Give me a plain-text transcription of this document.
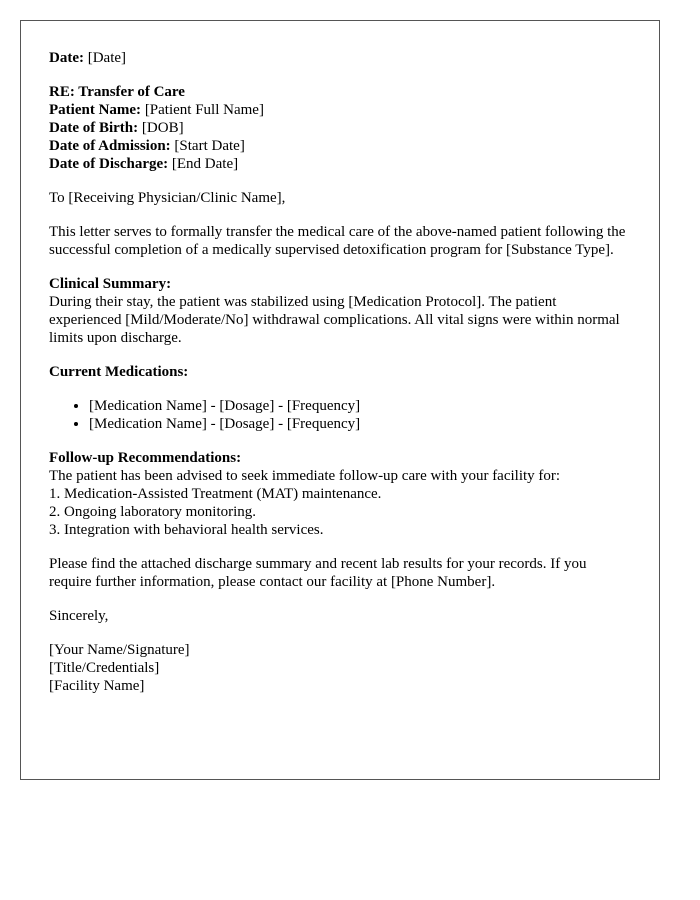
Date: [Date]

RE: Transfer of Care
Patient Name: [Patient Full Name]
Date of Birth: [DOB]
Date of Admission: [Start Date]
Date of Discharge: [End Date]

To [Receiving Physician/Clinic Name],

This letter serves to formally transfer the medical care of the above-named patient following the successful completion of a medically supervised detoxification program for [Substance Type].

Clinical Summary:
During their stay, the patient was stabilized using [Medication Protocol]. The patient experienced [Mild/Moderate/No] withdrawal complications. All vital signs were within normal limits upon discharge.

Current Medications:

• [Medication Name] - [Dosage] - [Frequency]
• [Medication Name] - [Dosage] - [Frequency]

Follow-up Recommendations:
The patient has been advised to seek immediate follow-up care with your facility for:
1. Medication-Assisted Treatment (MAT) maintenance.
2. Ongoing laboratory monitoring.
3. Integration with behavioral health services.

Please find the attached discharge summary and recent lab results for your records. If you require further information, please contact our facility at [Phone Number].

Sincerely,

[Your Name/Signature]
[Title/Credentials]
[Facility Name]
